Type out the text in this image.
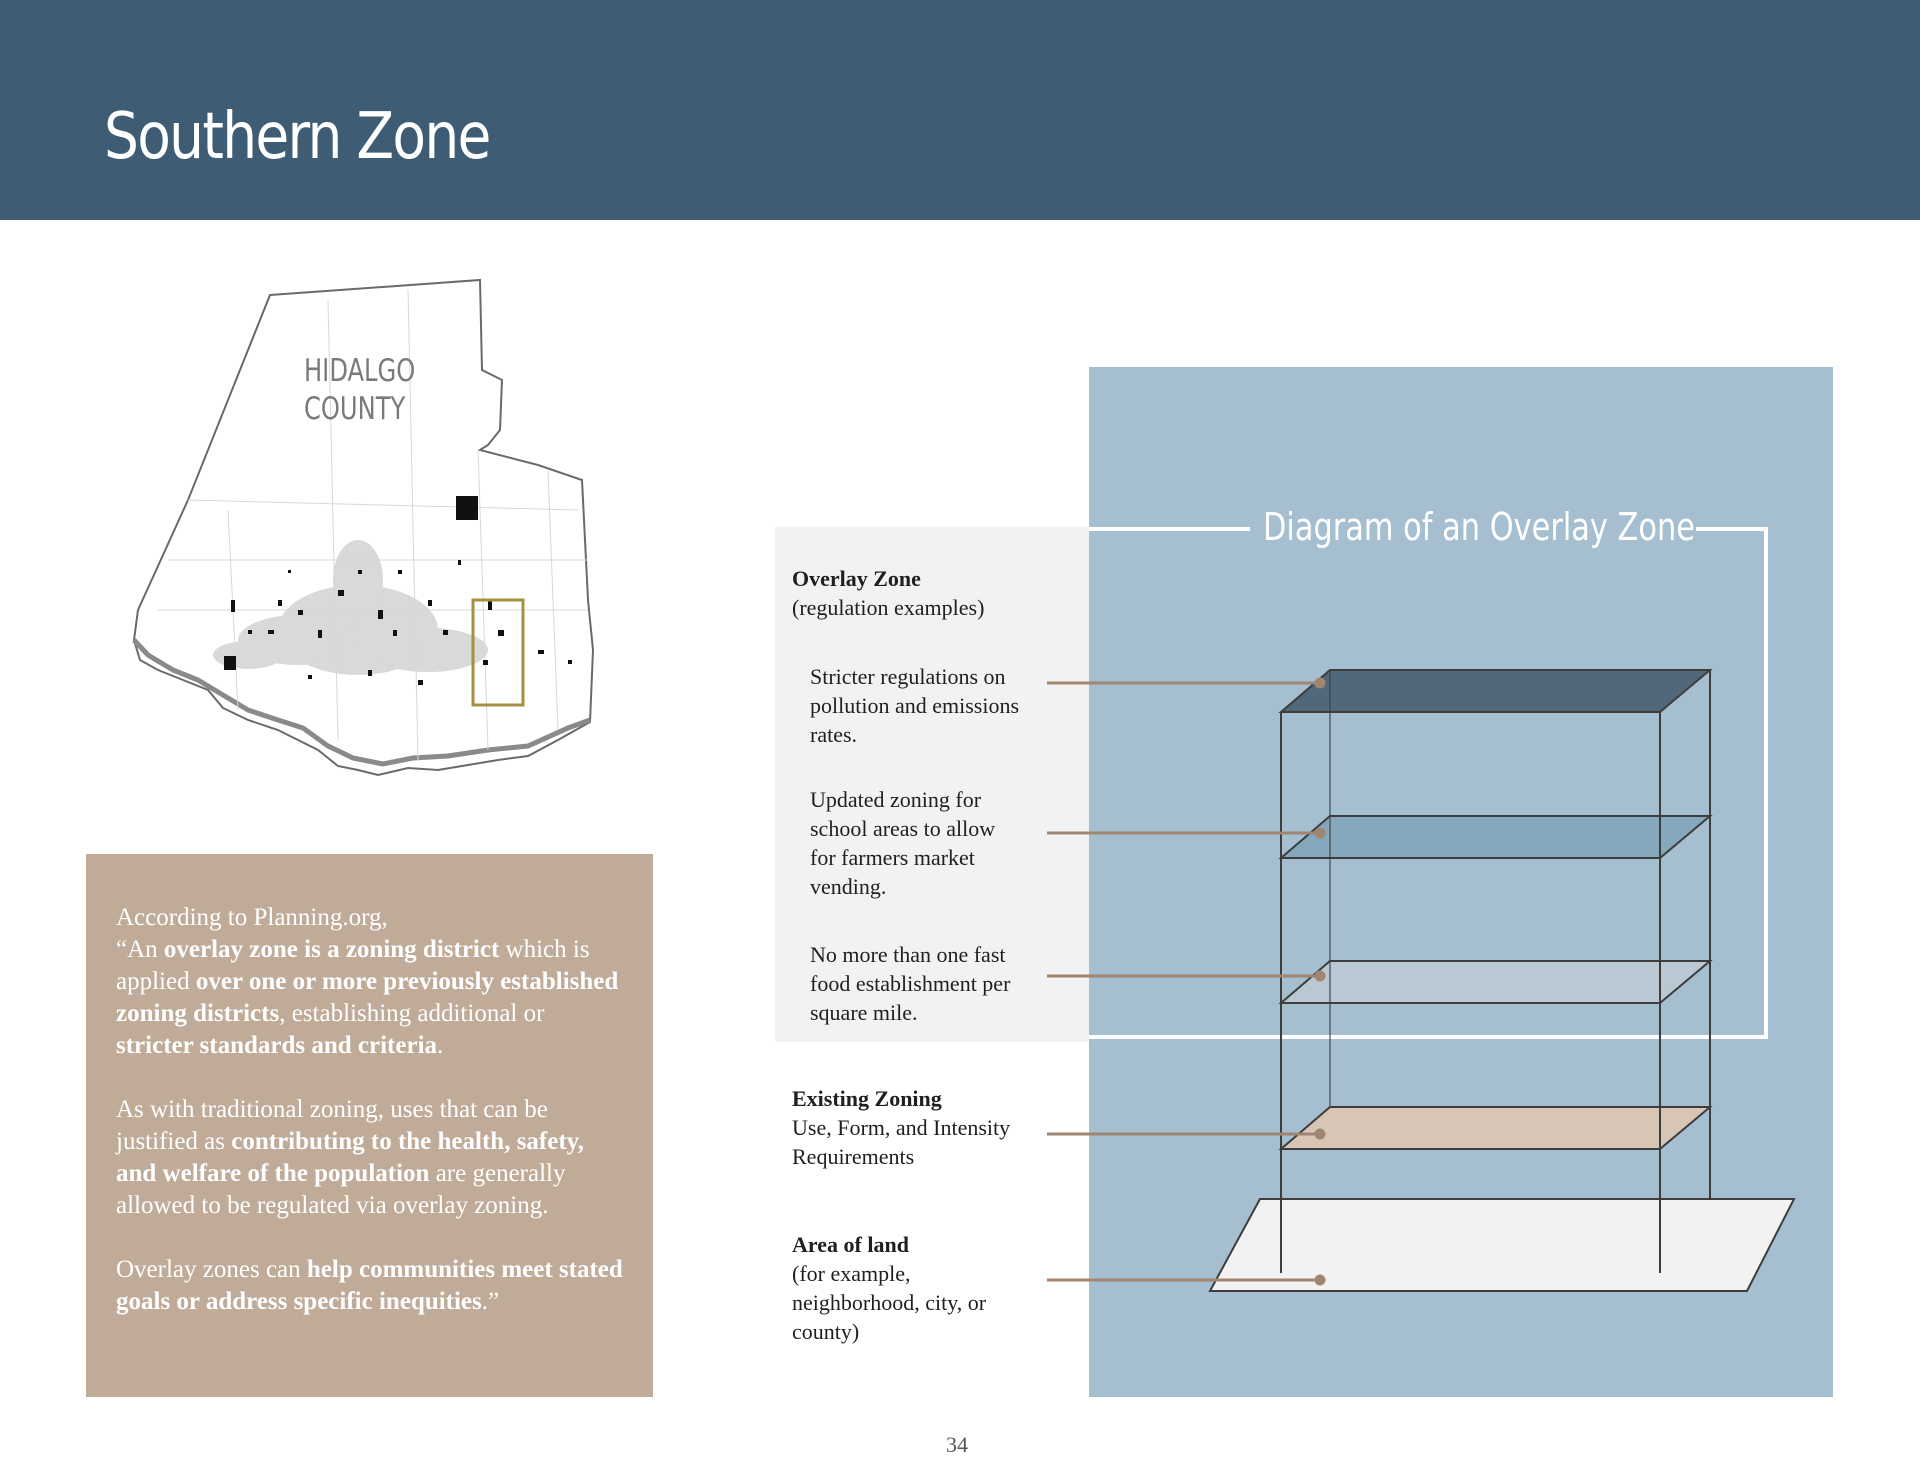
Southern Zone
HIDALGO
COUNTY

According to Planning.org,
“An overlay zone is a zoning district which is applied over one or more previously established zoning districts, establishing additional or stricter standards and criteria.

As with traditional zoning, uses that can be justified as contributing to the health, safety, and welfare of the population are generally allowed to be regulated via overlay zoning.

Overlay zones can help communities meet stated goals or address specific inequities.”

Diagram of an Overlay Zone
Overlay Zone
(regulation examples)
Stricter regulations on pollution and emissions rates.
Updated zoning for school areas to allow for farmers market vending.
No more than one fast food establishment per square mile.
Existing Zoning
Use, Form, and Intensity Requirements
Area of land
(for example, neighborhood, city, or county)
34
